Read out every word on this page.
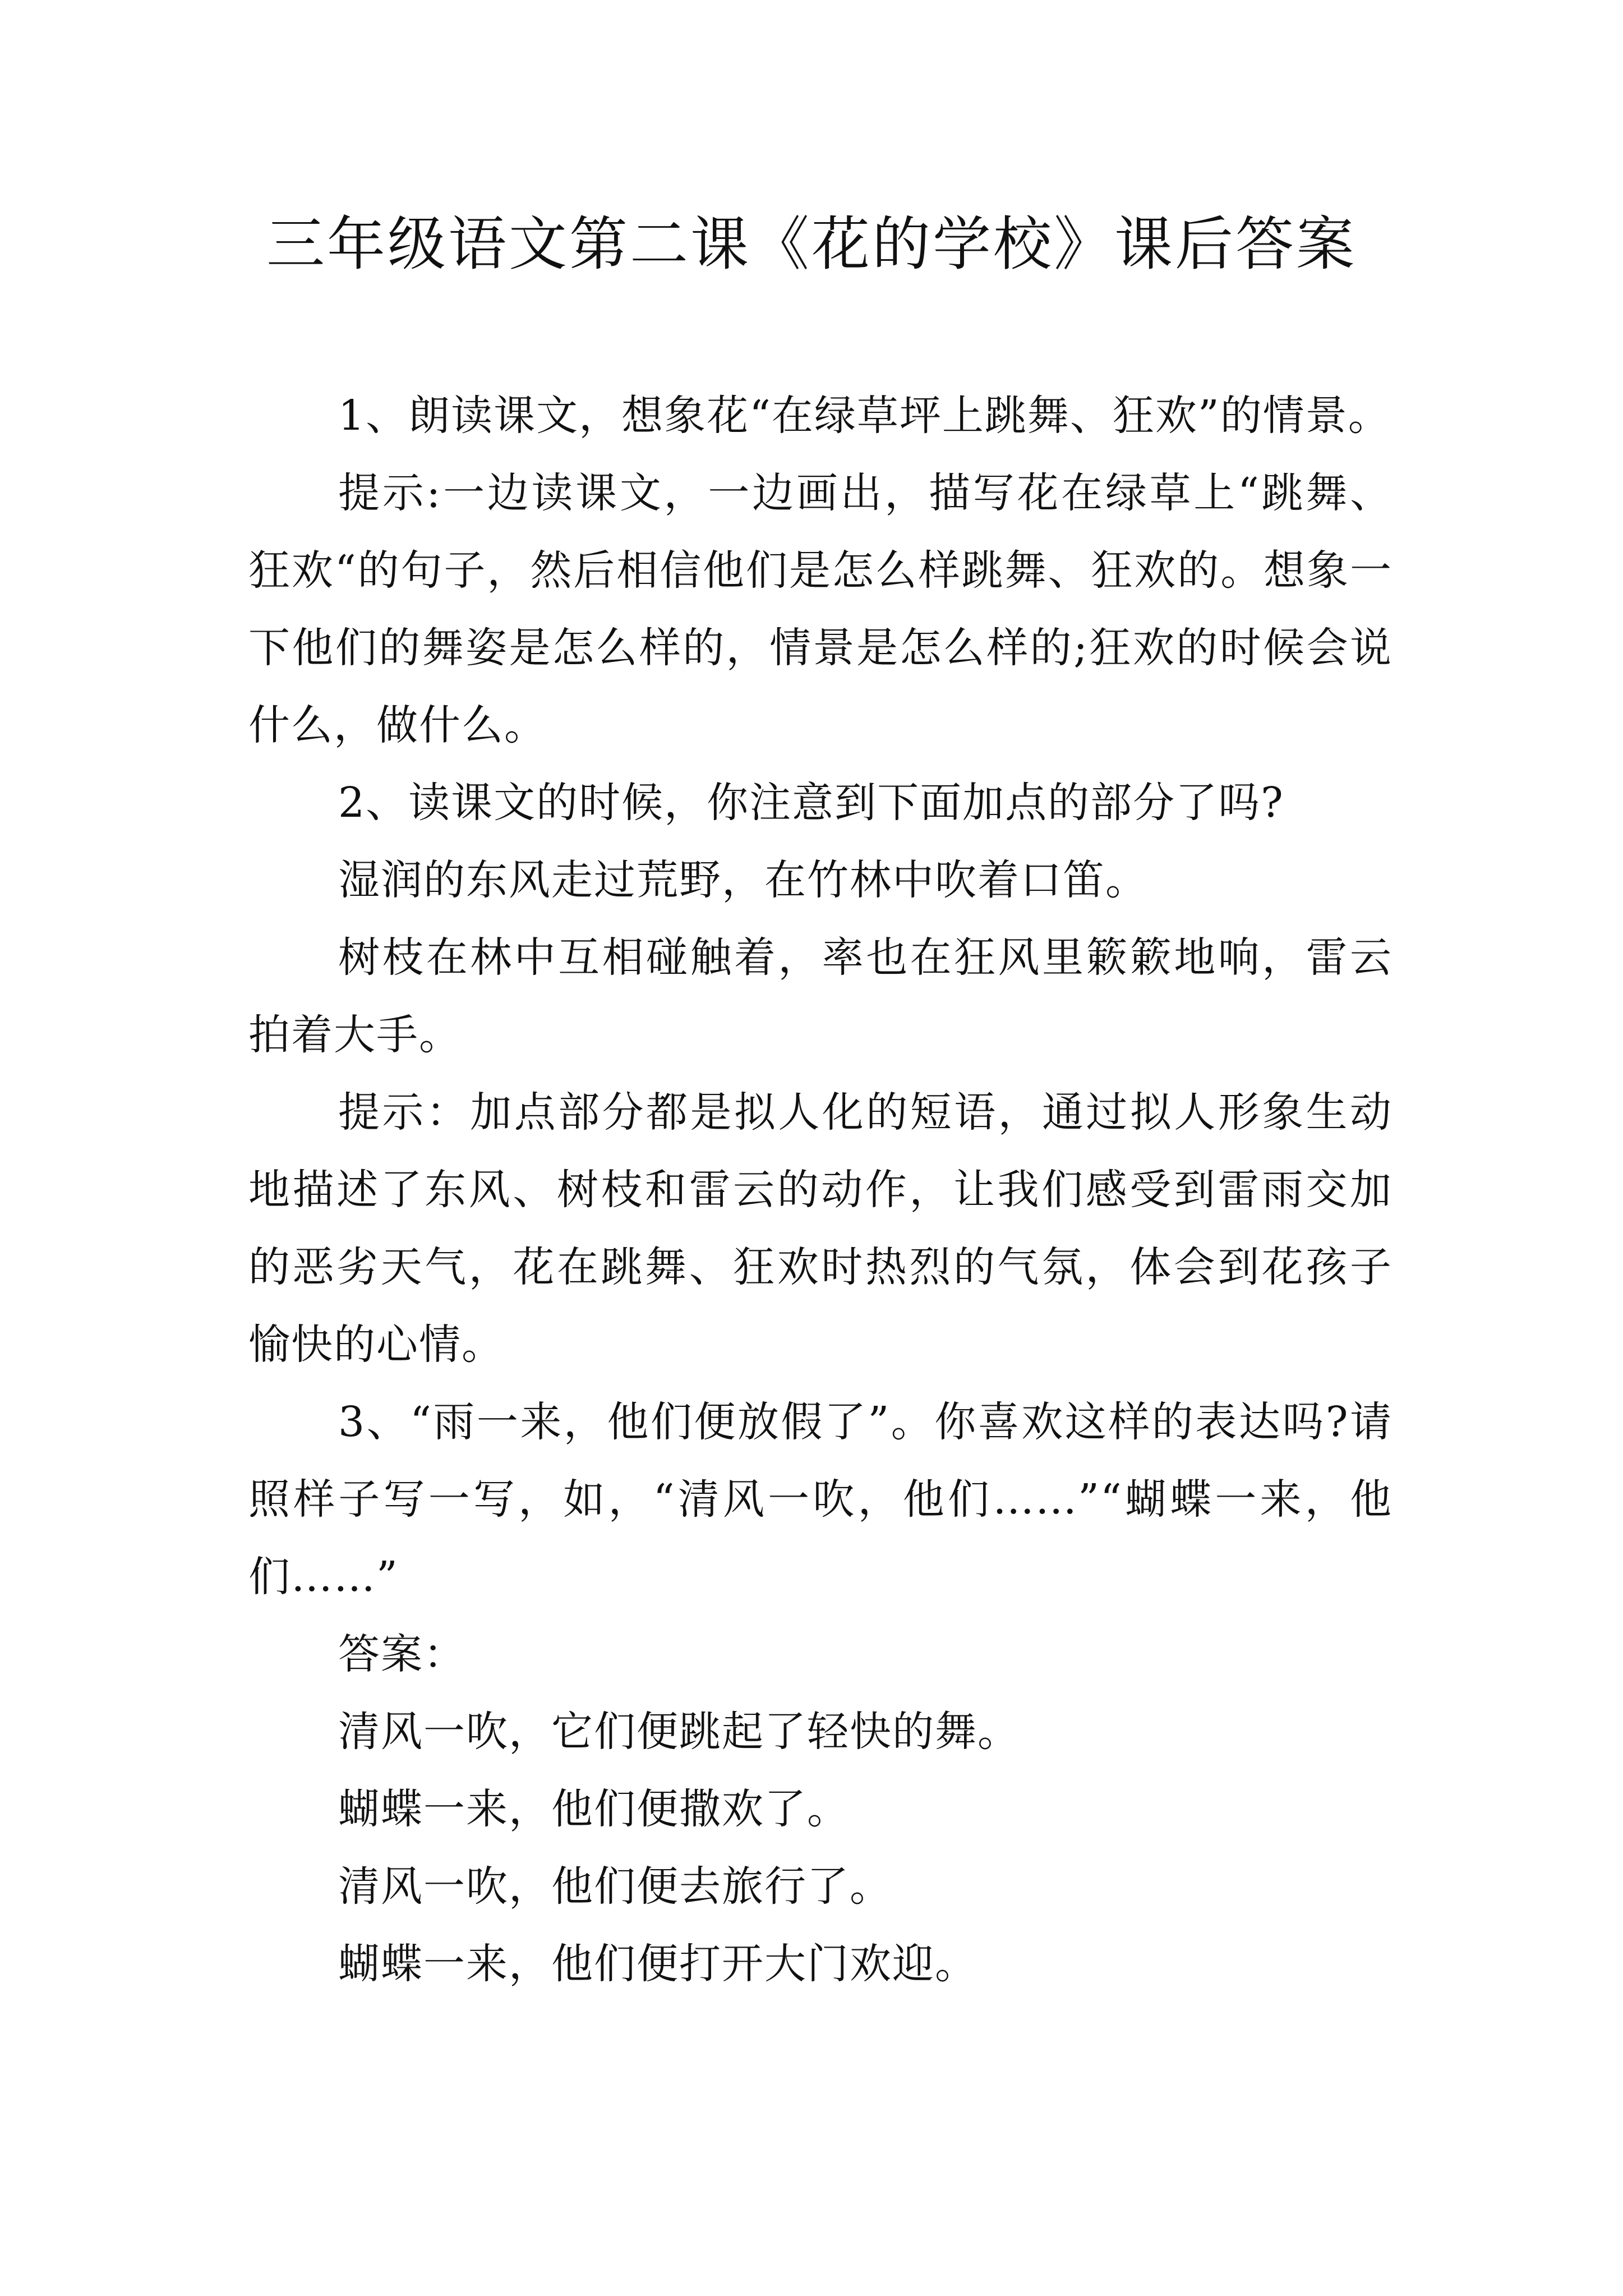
三年级语文第二课《花的学校》课后答案

1、朗读课文，想象花“在绿草坪上跳舞、狂欢”的情景。

提示:一边读课文，一边画出，描写花在绿草上“跳舞、狂欢“的句子，然后相信他们是怎么样跳舞、狂欢的。想象一下他们的舞姿是怎么样的，情景是怎么样的;狂欢的时候会说什么，做什么。

2、读课文的时候，你注意到下面加点的部分了吗?

湿润的东风走过荒野，在竹林中吹着口笛。

树枝在林中互相碰触着，率也在狂风里簌簌地响，雷云拍着大手。

提示：加点部分都是拟人化的短语，通过拟人形象生动地描述了东风、树枝和雷云的动作，让我们感受到雷雨交加的恶劣天气，花在跳舞、狂欢时热烈的气氛，体会到花孩子愉快的心情。

3、“雨一来，他们便放假了”。你喜欢这样的表达吗?请照样子写一写，如，“清风一吹，他们……”“蝴蝶一来，他们……”

答案：

清风一吹，它们便跳起了轻快的舞。

蝴蝶一来，他们便撒欢了。

清风一吹，他们便去旅行了。

蝴蝶一来，他们便打开大门欢迎。
